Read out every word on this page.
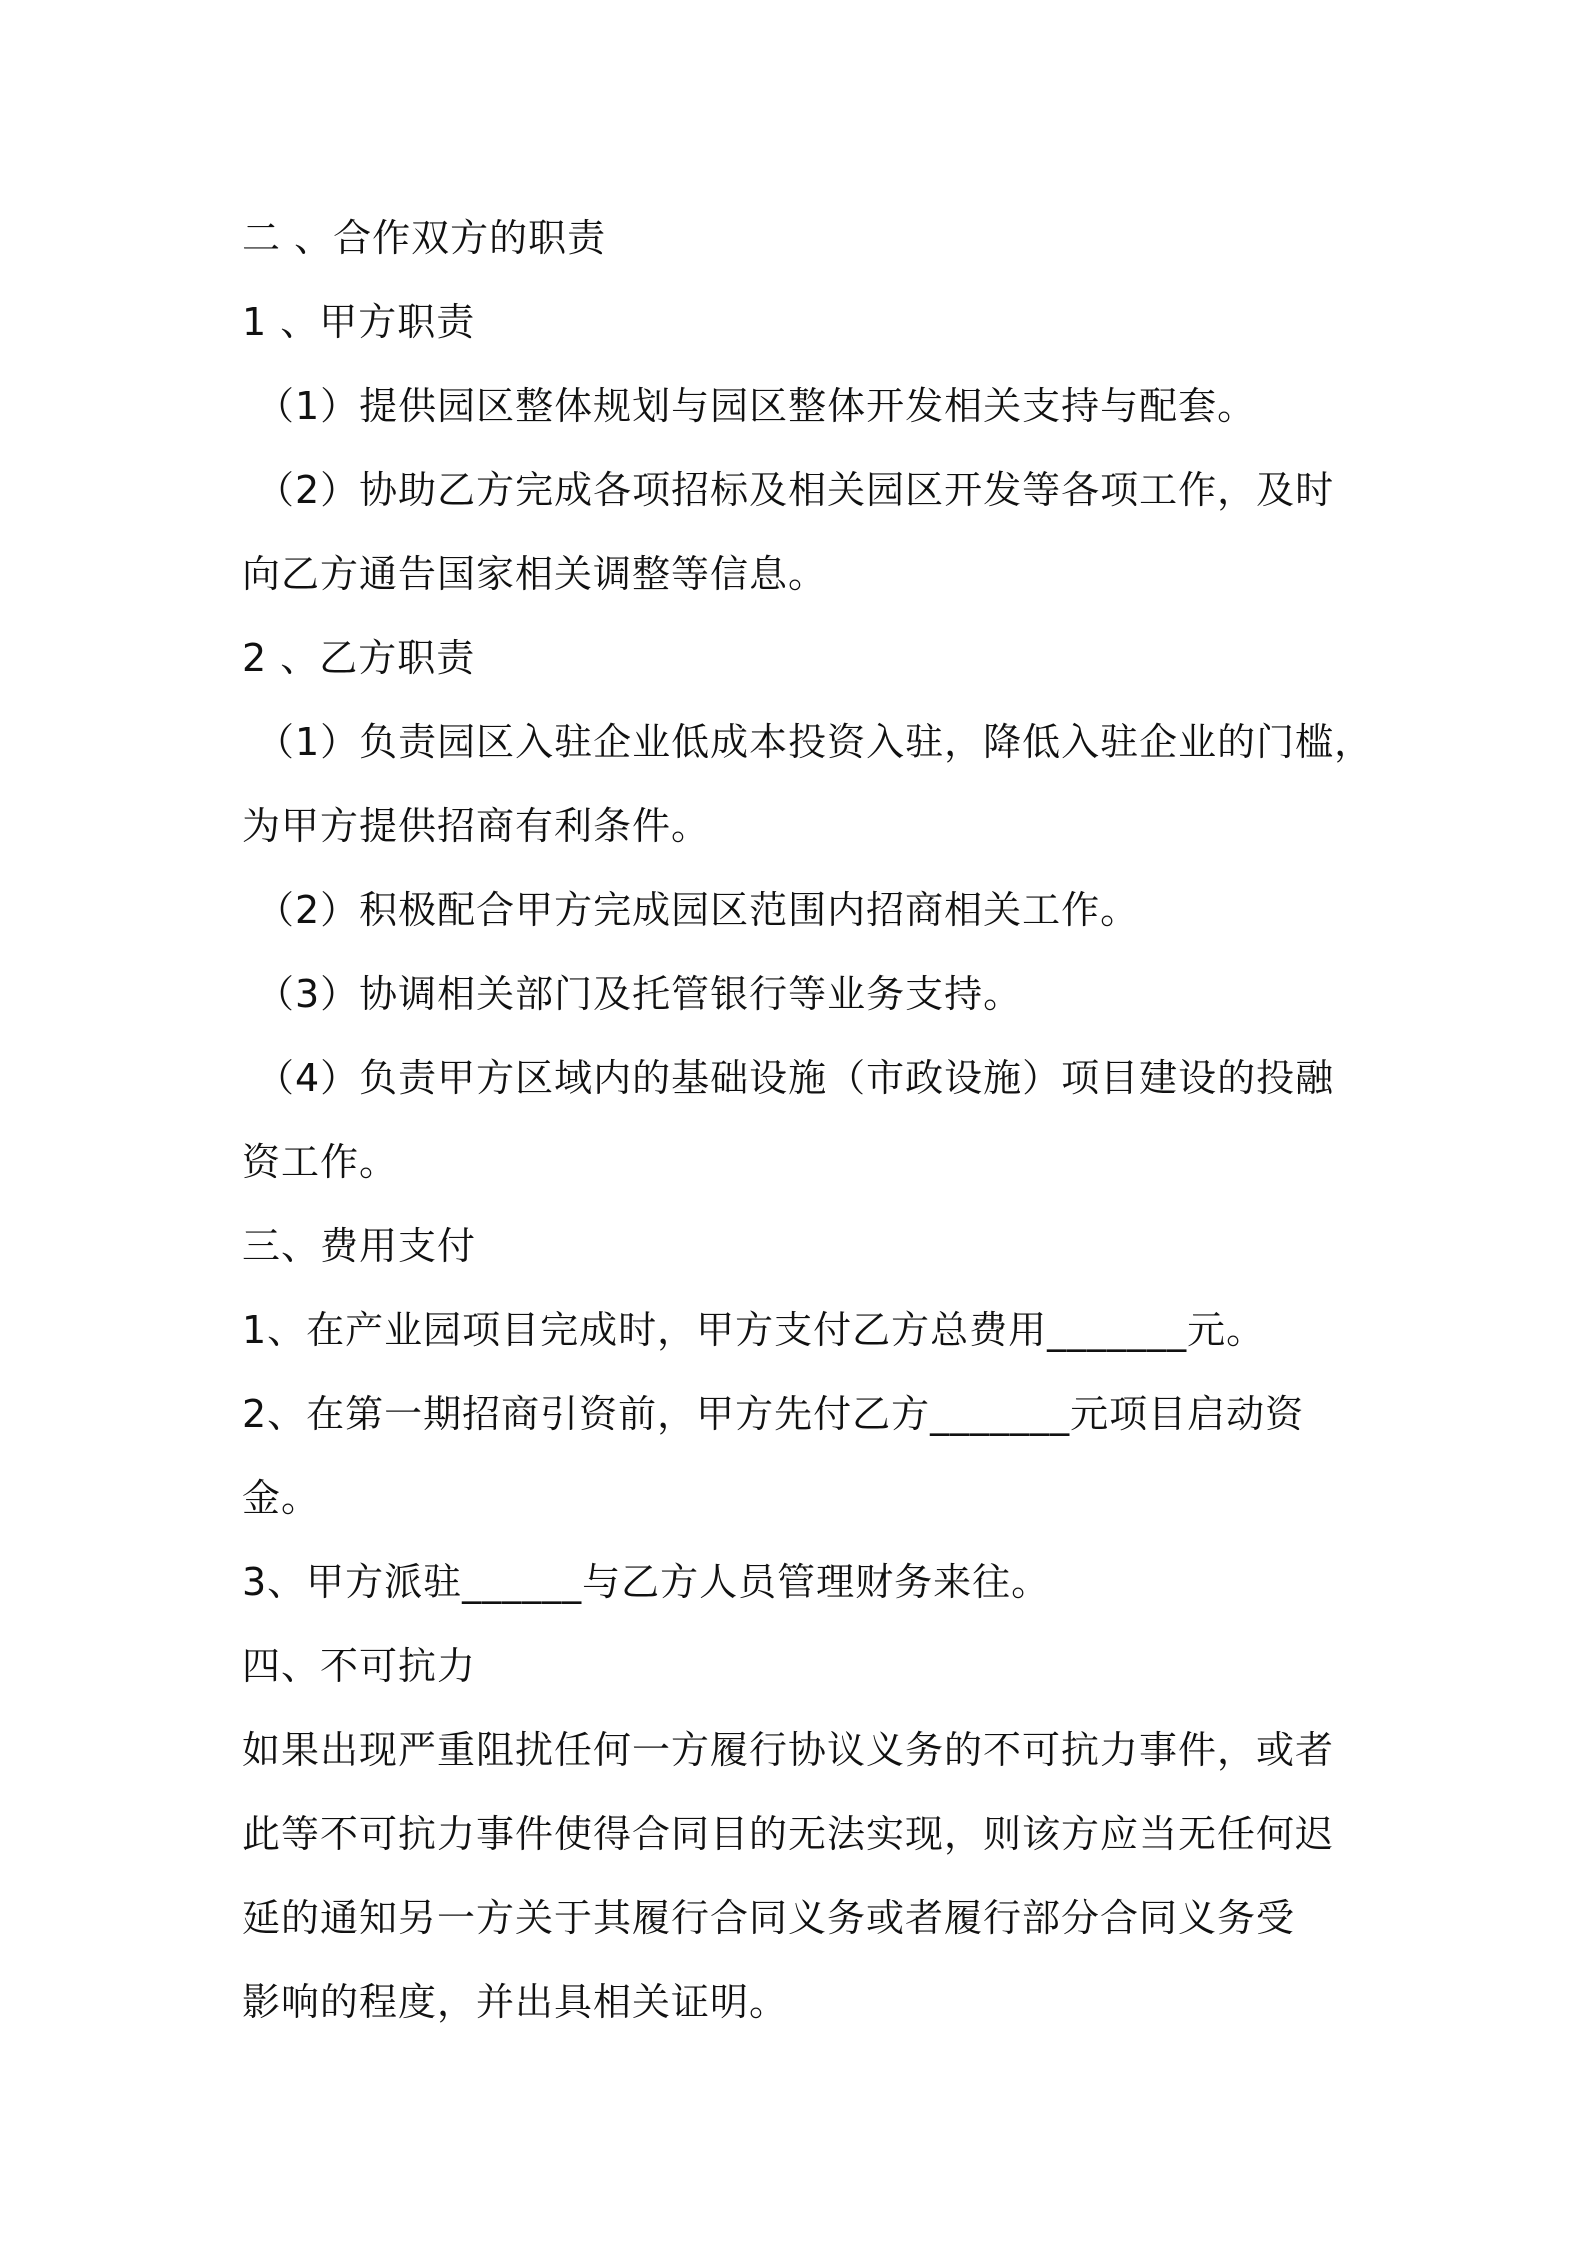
二 、合作双方的职责

1 、甲方职责

（1）提供园区整体规划与园区整体开发相关支持与配套。

（2）协助乙方完成各项招标及相关园区开发等各项工作，及时

向乙方通告国家相关调整等信息。

2 、乙方职责

（1）负责园区入驻企业低成本投资入驻，降低入驻企业的门槛，

为甲方提供招商有利条件。

（2）积极配合甲方完成园区范围内招商相关工作。

（3）协调相关部门及托管银行等业务支持。

（4）负责甲方区域内的基础设施（市政设施）项目建设的投融

资工作。

三、费用支付

1、在产业园项目完成时，甲方支付乙方总费用_______元。

2、在第一期招商引资前，甲方先付乙方_______元项目启动资

金。

3、甲方派驻______与乙方人员管理财务来往。

四、不可抗力

如果出现严重阻扰任何一方履行协议义务的不可抗力事件，或者

此等不可抗力事件使得合同目的无法实现，则该方应当无任何迟

延的通知另一方关于其履行合同义务或者履行部分合同义务受

影响的程度，并出具相关证明。
